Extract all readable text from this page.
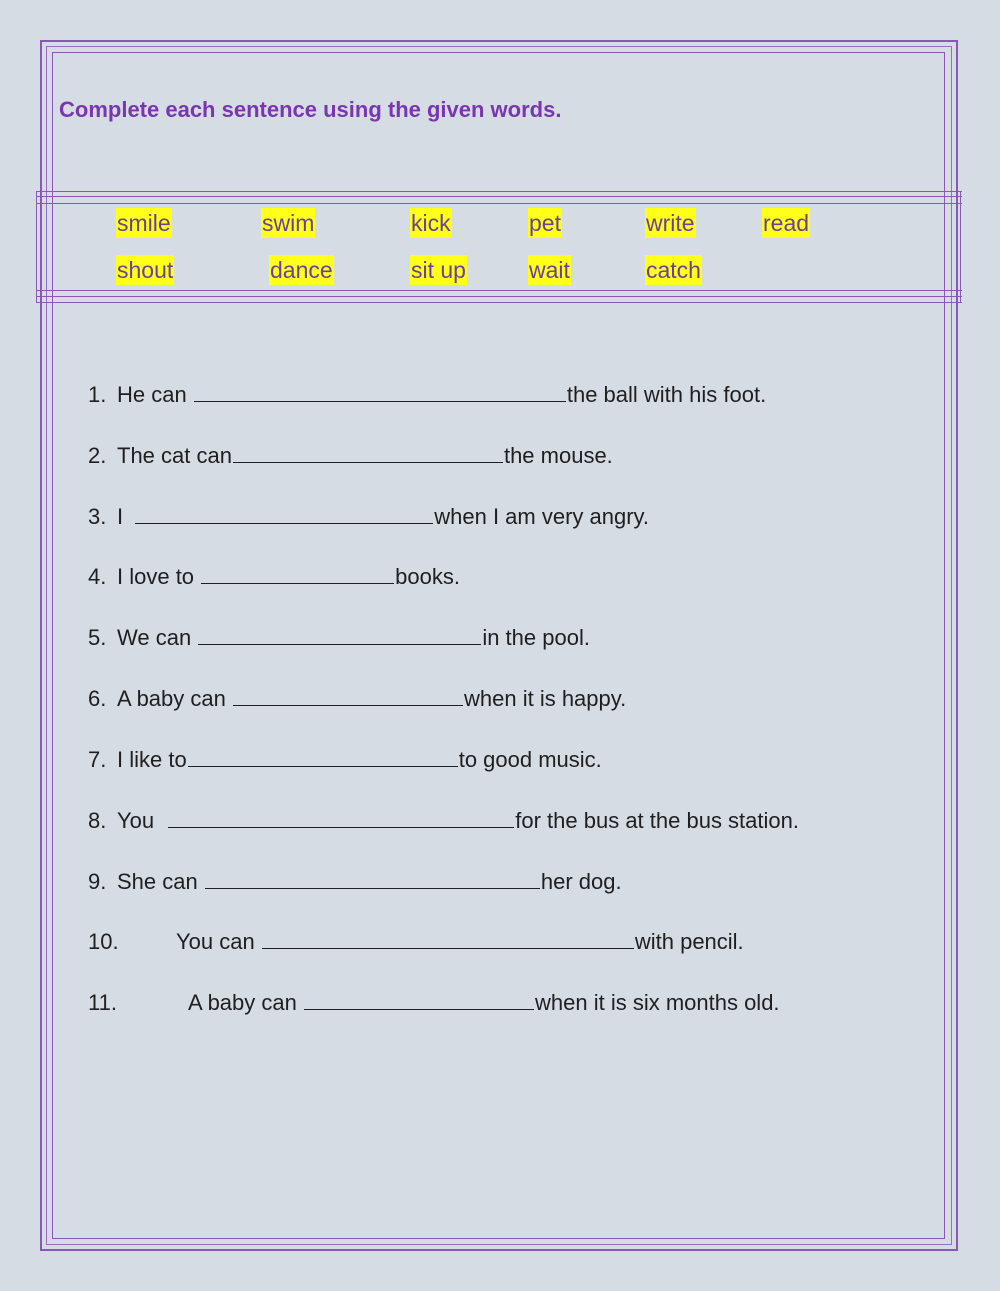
Complete each sentence using the given words.
smile	swim	kick	pet	write	read
shout	dance	sit up	wait	catch
1. He can	the ball with his foot.
2. The cat can	the mouse.
3. I	when I am very angry.
4. I love to	books.
5. We can	in the pool.
6. A baby can	when it is happy.
7. I like to	to good music.
8. You	for the bus at the bus station.
9. She can	her dog.
10.	You can	with pencil.
11.	A baby can	when it is six months old.
